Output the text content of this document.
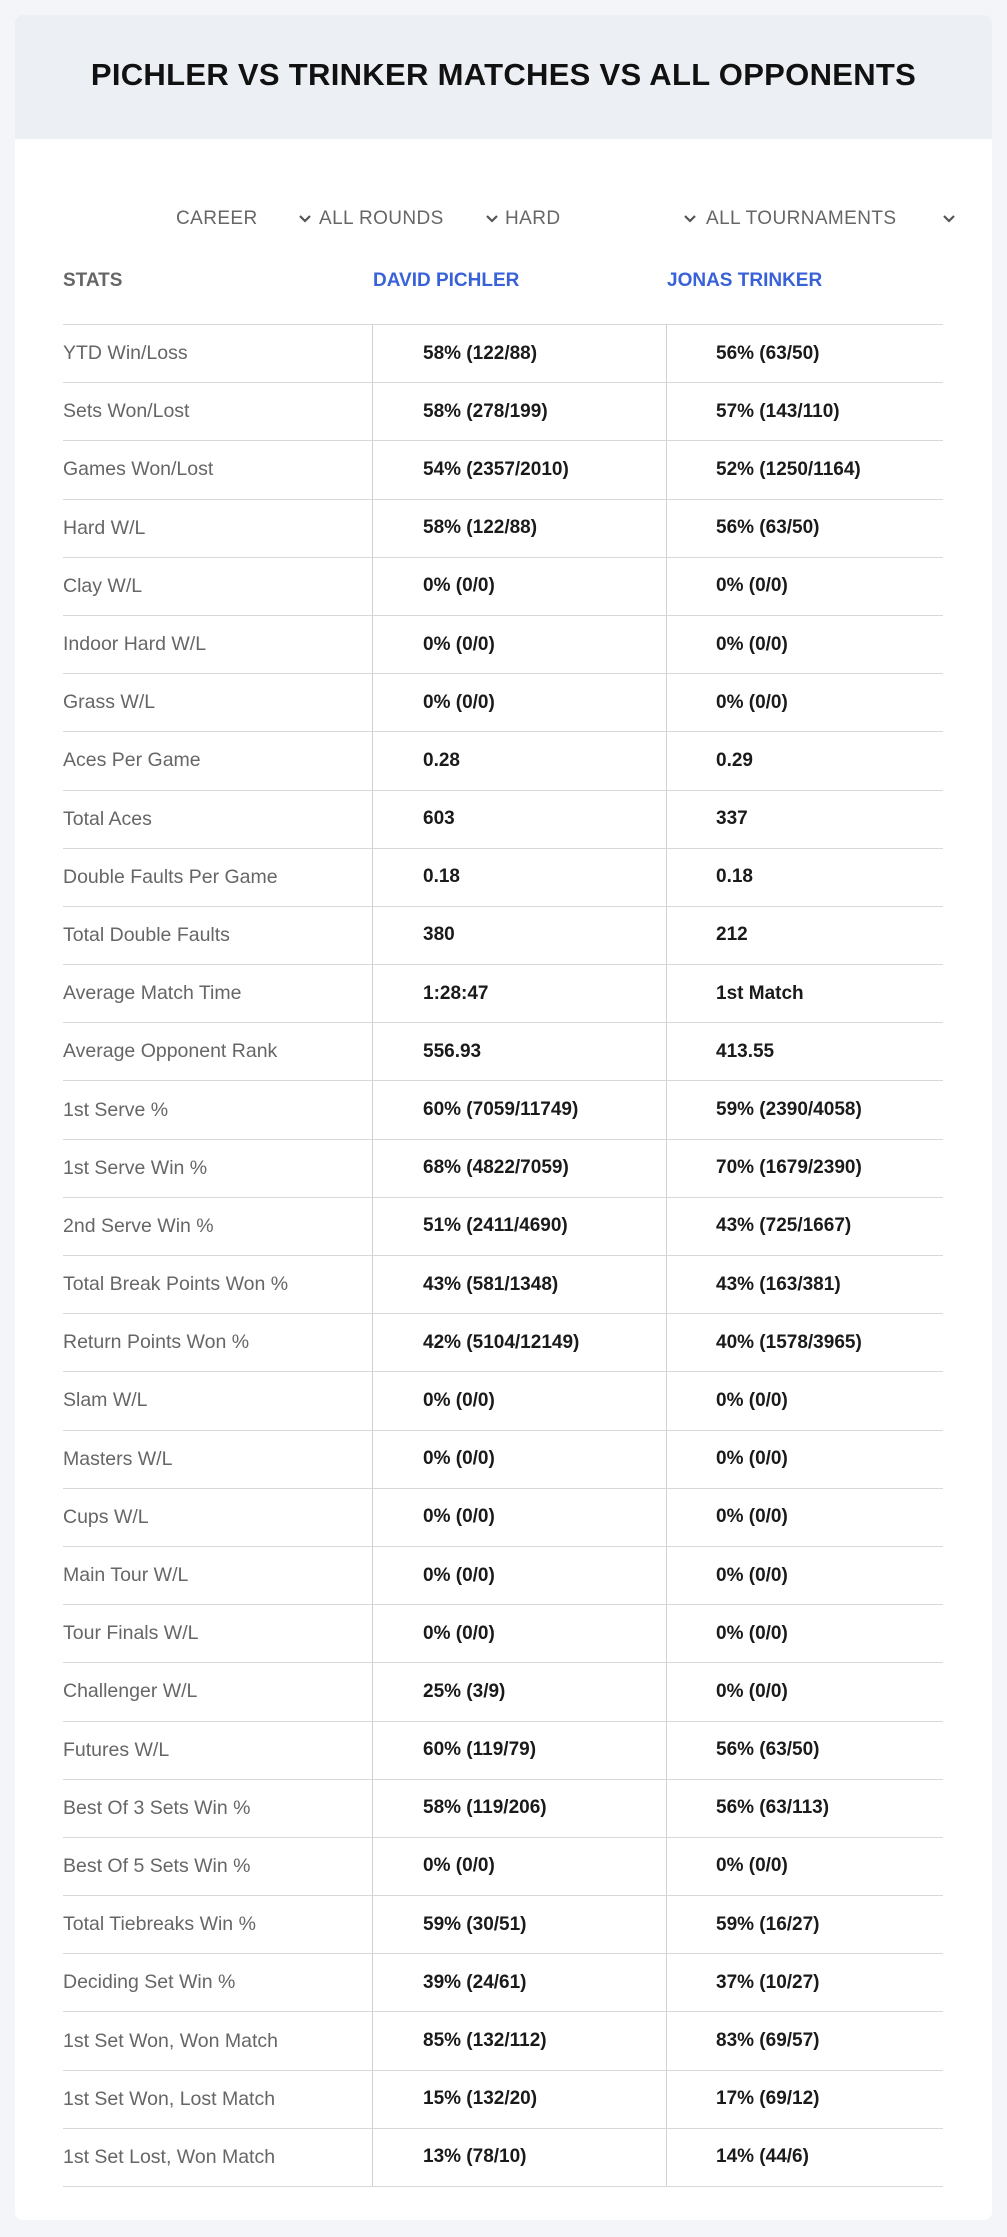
PICHLER VS TRINKER MATCHES VS ALL OPPONENTS
CAREER	ALL ROUNDS	HARD	ALL TOURNAMENTS
STATS	DAVID PICHLER	JONAS TRINKER
YTD Win/Loss	58% (122/88)	56% (63/50)
Sets Won/Lost	58% (278/199)	57% (143/110)
Games Won/Lost	54% (2357/2010)	52% (1250/1164)
Hard W/L	58% (122/88)	56% (63/50)
Clay W/L	0% (0/0)	0% (0/0)
Indoor Hard W/L	0% (0/0)	0% (0/0)
Grass W/L	0% (0/0)	0% (0/0)
Aces Per Game	0.28	0.29
Total Aces	603	337
Double Faults Per Game	0.18	0.18
Total Double Faults	380	212
Average Match Time	1:28:47	1st Match
Average Opponent Rank	556.93	413.55
1st Serve %	60% (7059/11749)	59% (2390/4058)
1st Serve Win %	68% (4822/7059)	70% (1679/2390)
2nd Serve Win %	51% (2411/4690)	43% (725/1667)
Total Break Points Won %	43% (581/1348)	43% (163/381)
Return Points Won %	42% (5104/12149)	40% (1578/3965)
Slam W/L	0% (0/0)	0% (0/0)
Masters W/L	0% (0/0)	0% (0/0)
Cups W/L	0% (0/0)	0% (0/0)
Main Tour W/L	0% (0/0)	0% (0/0)
Tour Finals W/L	0% (0/0)	0% (0/0)
Challenger W/L	25% (3/9)	0% (0/0)
Futures W/L	60% (119/79)	56% (63/50)
Best Of 3 Sets Win %	58% (119/206)	56% (63/113)
Best Of 5 Sets Win %	0% (0/0)	0% (0/0)
Total Tiebreaks Win %	59% (30/51)	59% (16/27)
Deciding Set Win %	39% (24/61)	37% (10/27)
1st Set Won, Won Match	85% (132/112)	83% (69/57)
1st Set Won, Lost Match	15% (132/20)	17% (69/12)
1st Set Lost, Won Match	13% (78/10)	14% (44/6)
